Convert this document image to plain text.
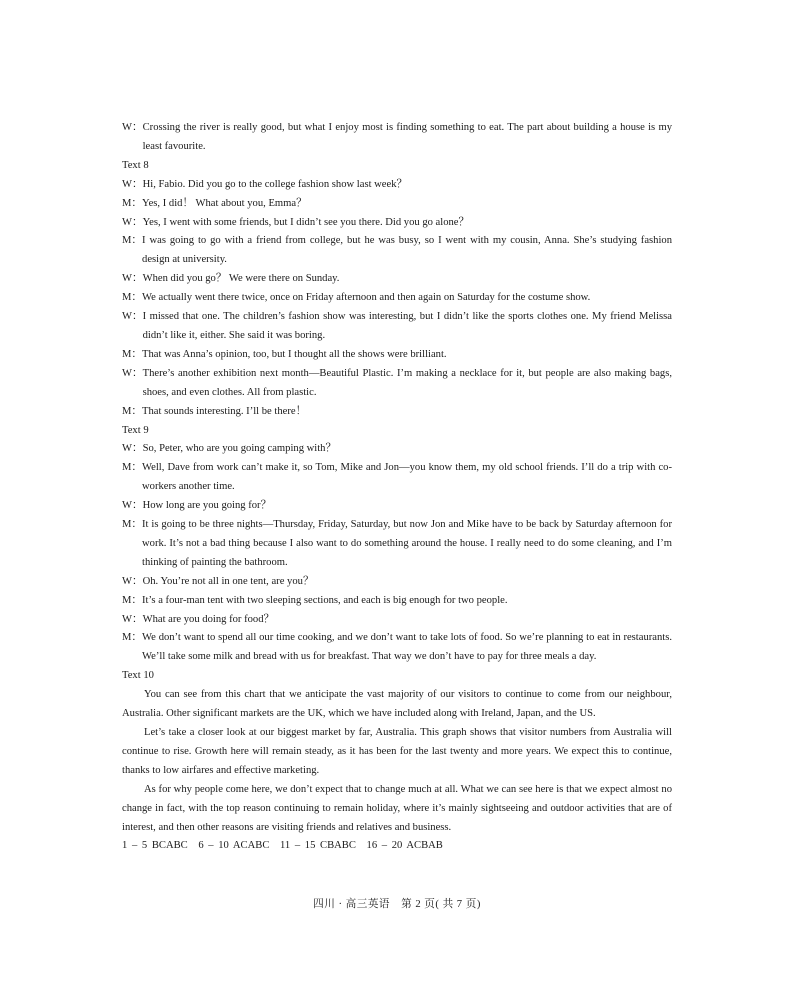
W： Crossing the river is really good, but what I enjoy most is finding something to eat. The part about building a house is my least favourite.
Text 8
W： Hi, Fabio. Did you go to the college fashion show last week？
M： Yes, I did！ What about you, Emma？
W： Yes, I went with some friends, but I didn’t see you there. Did you go alone？
M： I was going to go with a friend from college, but he was busy, so I went with my cousin, Anna. She’s studying fashion design at university.
W： When did you go？ We were there on Sunday.
M： We actually went there twice, once on Friday afternoon and then again on Saturday for the costume show.
W： I missed that one. The children’s fashion show was interesting, but I didn’t like the sports clothes one. My friend Melissa didn’t like it, either. She said it was boring.
M： That was Anna’s opinion, too, but I thought all the shows were brilliant.
W： There’s another exhibition next month—Beautiful Plastic. I’m making a necklace for it, but people are also making bags, shoes, and even clothes. All from plastic.
M： That sounds interesting. I’ll be there！
Text 9
W： So, Peter, who are you going camping with？
M： Well, Dave from work can’t make it, so Tom, Mike and Jon—you know them, my old school friends. I’ll do a trip with co-workers another time.
W： How long are you going for？
M： It is going to be three nights—Thursday, Friday, Saturday, but now Jon and Mike have to be back by Saturday afternoon for work. It’s not a bad thing because I also want to do something around the house. I really need to do some cleaning, and I’m thinking of painting the bathroom.
W： Oh. You’re not all in one tent, are you？
M： It’s a four-man tent with two sleeping sections, and each is big enough for two people.
W： What are you doing for food？
M： We don’t want to spend all our time cooking, and we don’t want to take lots of food. So we’re planning to eat in restaurants. We’ll take some milk and bread with us for breakfast. That way we don’t have to pay for three meals a day.
Text 10
You can see from this chart that we anticipate the vast majority of our visitors to continue to come from our neighbour, Australia. Other significant markets are the UK, which we have included along with Ireland, Japan, and the US.
Let’s take a closer look at our biggest market by far, Australia. This graph shows that visitor numbers from Australia will continue to rise. Growth here will remain steady, as it has been for the last twenty and more years. We expect this to continue, thanks to low airfares and effective marketing.
As for why people come here, we don’t expect that to change much at all. What we can see here is that we expect almost no change in fact, with the top reason continuing to remain holiday, where it’s mainly sightseeing and outdoor activities that are of interest, and then other reasons are visiting friends and relatives and business.
1 – 5 BCABC　6 – 10 ACABC　11 – 15 CBABC　16 – 20 ACBAB
四川 · 高三英语　第 2 页( 共 7 页)
